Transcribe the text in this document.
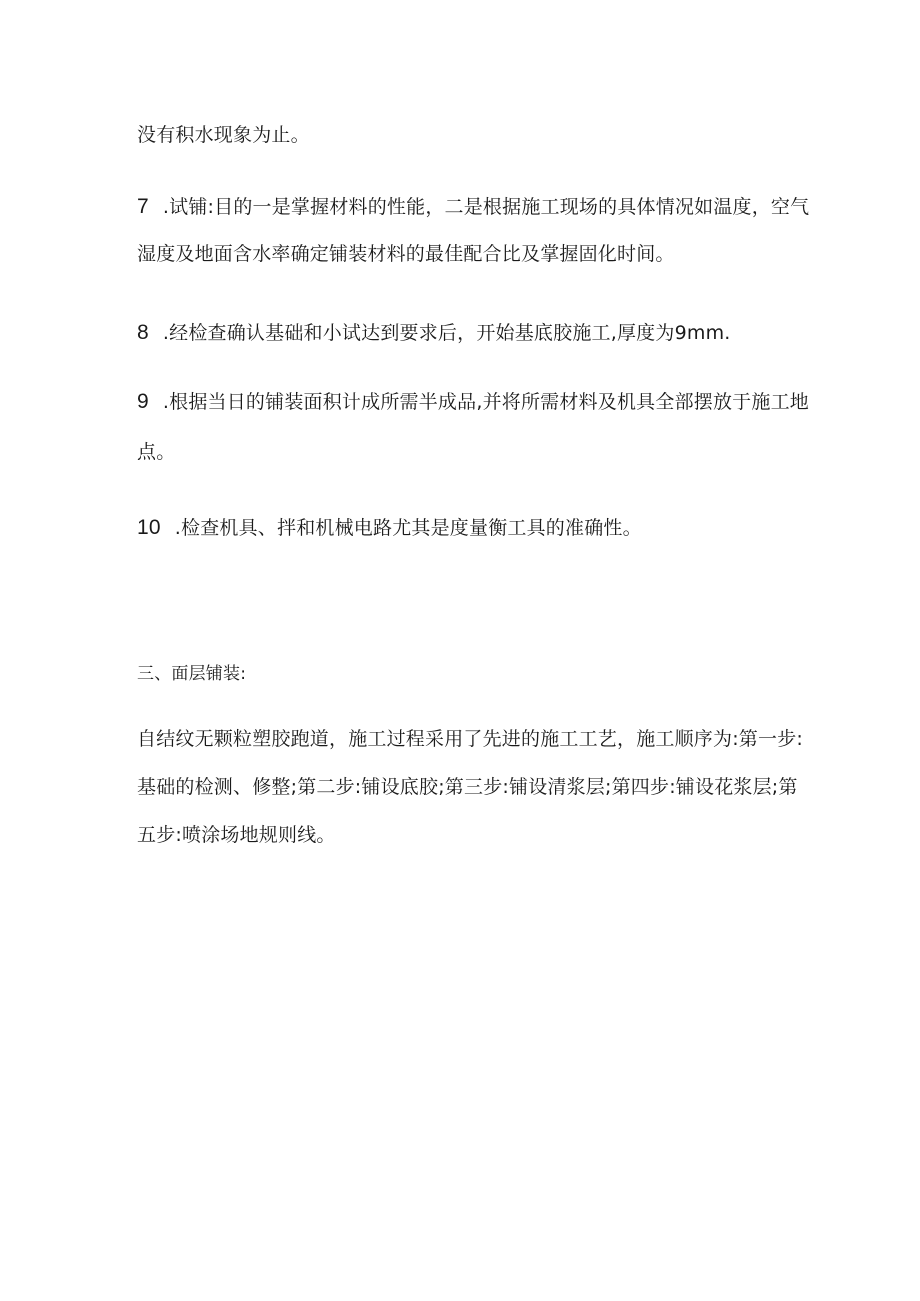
没有积水现象为止。
7 .试铺:目的一是掌握材料的性能，二是根据施工现场的具体情况如温度，空气
湿度及地面含水率确定铺装材料的最佳配合比及掌握固化时间。
8 .经检查确认基础和小试达到要求后，开始基底胶施工,厚度为9mm.
9 .根据当日的铺装面积计成所需半成品,并将所需材料及机具全部摆放于施工地
点。
10 .检查机具、拌和机械电路尤其是度量衡工具的准确性。
三、面层铺装:
自结纹无颗粒塑胶跑道，施工过程采用了先进的施工工艺，施工顺序为:第一步:
基础的检测、修整;第二步:铺设底胶;第三步:铺设清浆层;第四步:铺设花浆层;第
五步:喷涂场地规则线。
